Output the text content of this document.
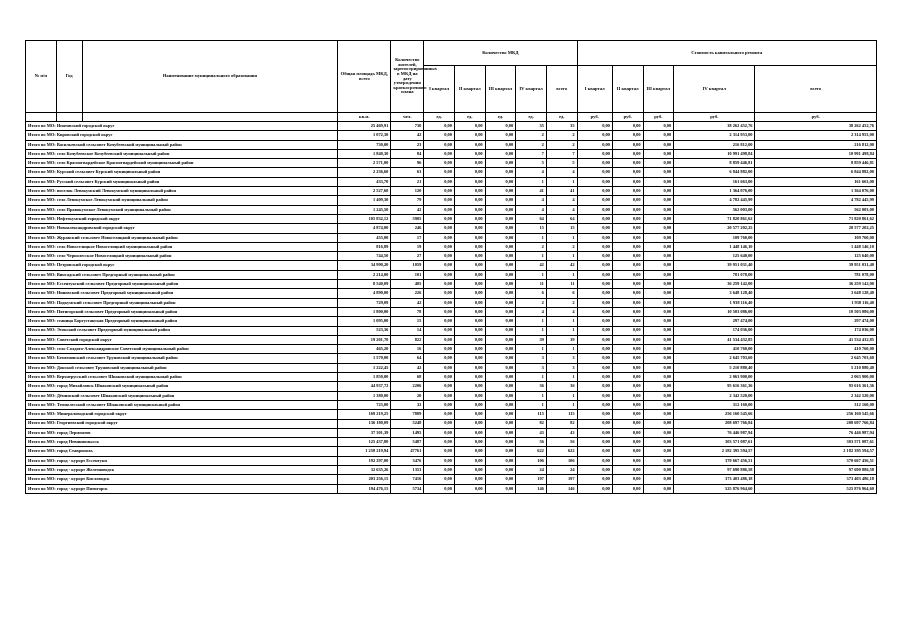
№ п/п	Год	Наименование муниципального образования	Общая площадь МКД, всего	Количество жителей, зарегистрированных в МКД на дату утверждения краткосрочного плана	Количество МКД					Стоимость капитального ремонта				
					I квартал	II квартал	III квартал	IV квартал	всего	I квартал	II квартал	III квартал	IV квартал	всего
			кв.м.	чел.	ед.	ед.	ед.	ед.	ед.	руб.	руб.	руб.	руб.	руб.
Итого по МО: Ипатовский городской округ			25 469,91	730	0,00	0,00	0,00	35	35	0,00	0,00	0,00	38 262 452,76	38 262 452,76
Итого по МО: Кировский городской округ			1 072,30	42	0,00	0,00	0,00	2	2	0,00	0,00	0,00	2 314 953,00	2 314 953,00
Итого по МО: Васильевский сельсовет Кочубеевский муниципальный район			730,00	23	0,00	0,00	0,00	2	2	0,00	0,00	0,00	216 812,00	216 812,00
Итого по МО: село Кочубеевское Кочубеевский муниципальный район			1 840,30	84	0,00	0,00	0,00	7	7	0,00	0,00	0,00	10 991 498,84	10 991 498,84
Итого по МО: село Красногвардейское Красногвардейский муниципальный район			2 571,00	96	0,00	0,00	0,00	5	5	0,00	0,00	0,00	8 859 446,81	8 859 446,81
Итого по МО: Курский сельсовет Курский муниципальный район			2 236,60	63	0,00	0,00	0,00	4	4	0,00	0,00	0,00	6 844 882,00	6 844 882,00
Итого по МО: Русский сельсовет Курский муниципальный район			433,70	21	0,00	0,00	0,00	1	1	0,00	0,00	0,00	161 663,00	161 663,00
Итого по МО: поселок Левокумский Левокумский муниципальный район			2 527,60	120	0,00	0,00	0,00	41	41	0,00	0,00	0,00	1 364 076,00	1 364 076,00
Итого по МО: село Левокумское Левокумский муниципальный район			1 409,30	79	0,00	0,00	0,00	4	4	0,00	0,00	0,00	4 782 445,99	4 782 445,99
Итого по МО: село Правокумское Левокумский муниципальный район			1 245,50	42	0,00	0,00	0,00	4	4	0,00	0,00	0,00	562 003,00	562 003,00
Итого по МО: Нефтекумский городской округ			105 832,12	5905	0,00	0,00	0,00	64	64	0,00	0,00	0,00	71 820 861,62	71 820 861,62
Итого по МО: Новоалександровский городской округ			4 874,00	246	0,00	0,00	0,00	15	15	0,00	0,00	0,00	20 577 202,25	20 577 202,25
Итого по МО: Журавский сельсовет Новоселицкий муниципальный район			455,00	17	0,00	0,00	0,00	1	1	0,00	0,00	0,00	109 760,00	109 760,00
Итого по МО: село Новоселицкое Новоселицкий муниципальный район			816,89	19	0,00	0,00	0,00	2	2	0,00	0,00	0,00	1 448 146,10	1 448 146,10
Итого по МО: село Чернолесское Новоселицкий муниципальный район			744,50	27	0,00	0,00	0,00	1	1	0,00	0,00	0,00	125 640,00	125 640,00
Итого по МО: Петровский городской округ			34 990,20	1059	0,00	0,00	0,00	42	42	0,00	0,00	0,00	39 951 031,40	39 951 031,40
Итого по МО: Винсадский сельсовет Предгорный муниципальный район			2 214,00	101	0,00	0,00	0,00	1	1	0,00	0,00	0,00	781 078,00	781 078,00
Итого по МО: Ессентукский сельсовет Предгорный муниципальный район			8 540,09	405	0,00	0,00	0,00	11	11	0,00	0,00	0,00	36 259 142,00	36 259 142,00
Итого по МО: Ниновский сельсовет Предгорный муниципальный район			4 890,00	226	0,00	0,00	0,00	6	6	0,00	0,00	0,00	3 648 128,40	3 648 128,40
Итого по МО: Подкумский сельсовет Предгорный муниципальный район			729,09	42	0,00	0,00	0,00	2	2	0,00	0,00	0,00	1 938 116,40	1 938 116,40
Итого по МО: Пятигорский сельсовет Предгорный муниципальный район			1 800,00	78	0,00	0,00	0,00	4	4	0,00	0,00	0,00	10 503 086,00	10 503 086,00
Итого по МО: станица Боргустанская Предгорный муниципальный район			1 095,00	15	0,00	0,00	0,00	1	1	0,00	0,00	0,00	297 474,00	297 474,00
Итого по МО: Этокский сельсовет Предгорный муниципальный район			523,36	14	0,00	0,00	0,00	1	1	0,00	0,00	0,00	174 036,00	174 036,00
Итого по МО: Советский городской округ			19 201,70	822	0,00	0,00	0,00	39	39	0,00	0,00	0,00	41 534 432,85	41 534 432,85
Итого по МО: село Солдато-Александровское Советский муниципальный район			465,20	16	0,00	0,00	0,00	1	1	0,00	0,00	0,00	410 760,00	410 760,00
Итого по МО: Безменовский сельсовет Труновский муниципальный район			1 570,00	64	0,00	0,00	0,00	3	3	0,00	0,00	0,00	2 645 703,60	2 645 703,60
Итого по МО: Донской сельсовет Труновский муниципальный район			1 222,45	42	0,00	0,00	0,00	3	3	0,00	0,00	0,00	5 210 880,40	5 210 880,40
Итого по МО: Верхнерусский сельсовет Шпаковский муниципальный район			1 850,00	68	0,00	0,00	0,00	1	1	0,00	0,00	0,00	2 063 900,00	2 063 900,00
Итого по МО: город Михайловск Шпаковский муниципальный район			44 937,72	2206	0,00	0,00	0,00	36	36	0,00	0,00	0,00	95 616 361,36	95 616 361,36
Итого по МО: Дёминский сельсовет Шпаковский муниципальный район			1 380,00	20	0,00	0,00	0,00	1	1	0,00	0,00	0,00	2 342 520,00	2 342 520,00
Итого по МО: Темнолесский сельсовет Шпаковский муниципальный район			723,00	32	0,00	0,00	0,00	1	1	0,00	0,00	0,00	312 160,00	312 160,00
Итого по МО: Минераловодский городской округ			169 219,25	7809	0,00	0,00	0,00	115	115	0,00	0,00	0,00	256 160 545,66	256 160 545,66
Итого по МО: Георгиевский городской округ			136 180,09	5248	0,00	0,00	0,00	82	82	0,00	0,00	0,00	208 697 766,84	208 697 766,84
Итого по МО: город Лермонтов			37 301,39	1495	0,00	0,00	0,00	43	43	0,00	0,00	0,00	76 446 987,94	76 446 987,94
Итого по МО: город Невинномысск			125 437,80	5487	0,00	0,00	0,00	56	56	0,00	0,00	0,00	303 571 087,61	303 571 087,61
Итого по МО: город Ставрополь			1 258 219,94	47761	0,00	0,00	0,00	622	622	0,00	0,00	0,00	2 182 395 594,57	2 182 395 594,57
Итого по МО: город - курорт Ессентуки			192 297,00	3476	0,00	0,00	0,00	106	106	0,00	0,00	0,00	370 667 456,51	370 667 456,51
Итого по МО: город - курорт Железноводск			32 635,26	1353	0,00	0,00	0,00	24	24	0,00	0,00	0,00	97 690 886,58	97 690 886,58
Итого по МО: город - курорт Кисловодск			203 256,15	7416	0,00	0,00	0,00	197	197	0,00	0,00	0,00	373 403 486,18	373 403 486,18
Итого по МО: город - курорт Пятигорск			194 476,15	5734	0,00	0,00	0,00	146	146	0,00	0,00	0,00	525 876 964,60	525 876 964,60
